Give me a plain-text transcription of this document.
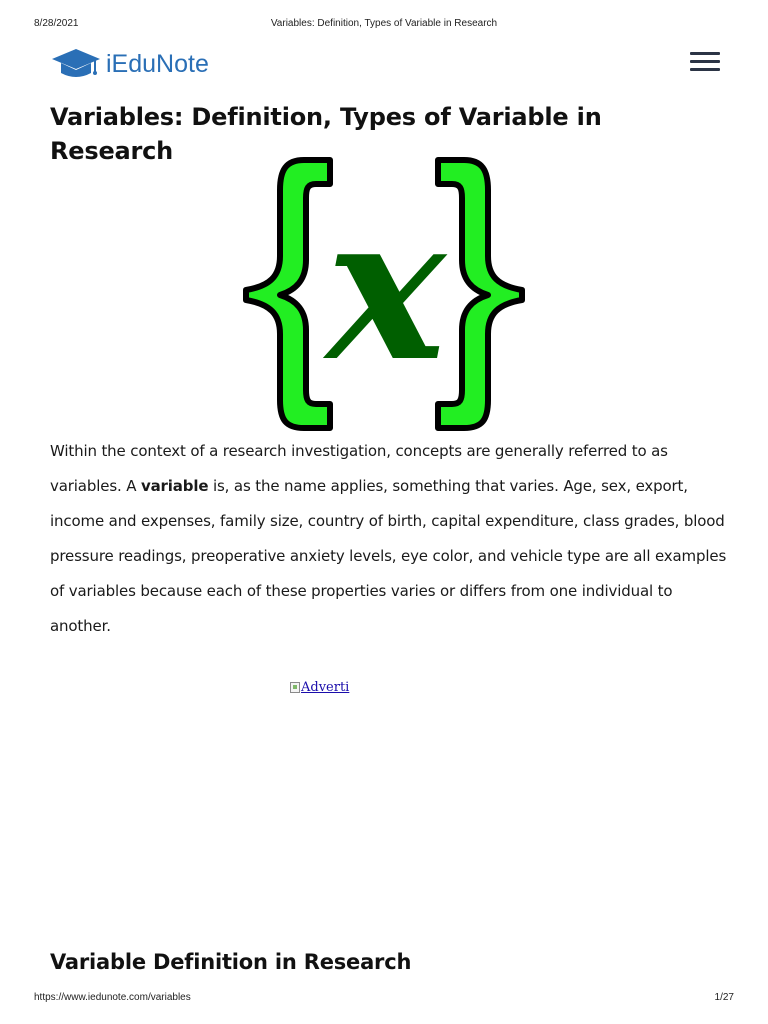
8/28/2021	Variables: Definition, Types of Variable in Research
iEduNote
Variables: Definition, Types of Variable in Research
x

Within the context of a research investigation, concepts are generally referred to as variables. A variable is, as the name applies, something that varies. Age, sex, export, income and expenses, family size, country of birth, capital expenditure, class grades, blood pressure readings, preoperative anxiety levels, eye color, and vehicle type are all examples of variables because each of these properties varies or differs from one individual to another.

Adverti
Variable Definition in Research
https://www.iedunote.com/variables	1/27
